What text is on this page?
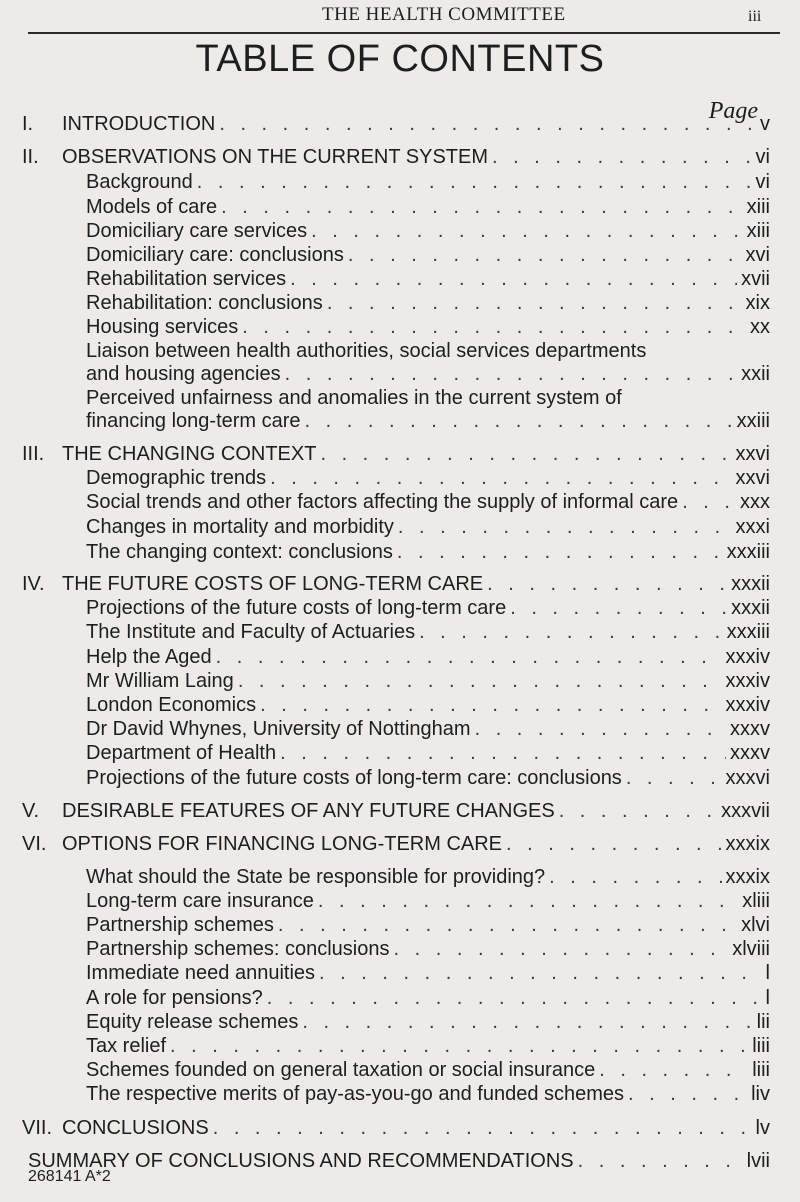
THE HEALTH COMMITTEE	iii
TABLE OF CONTENTS
Page
I. INTRODUCTION . . .	v
II. OBSERVATIONS ON THE CURRENT SYSTEM . . .	vi
Background . . .	vi
Models of care . . .	xiii
Domiciliary care services . . .	xiii
Domiciliary care: conclusions . . .	xvi
Rehabilitation services . . .	xvii
Rehabilitation: conclusions . . .	xix
Housing services . . .	xx
Liaison between health authorities, social services departments
and housing agencies . . .	xxii
Perceived unfairness and anomalies in the current system of
financing long-term care . . .	xxiii
III. THE CHANGING CONTEXT . . .	xxvi
Demographic trends . . .	xxvi
Social trends and other factors affecting the supply of informal care . . .	xxx
Changes in mortality and morbidity . . .	xxxi
The changing context: conclusions . . .	xxxiii
IV. THE FUTURE COSTS OF LONG-TERM CARE . . .	xxxii
Projections of the future costs of long-term care . . .	xxxii
The Institute and Faculty of Actuaries . . .	xxxiii
Help the Aged . . .	xxxiv
Mr William Laing . . .	xxxiv
London Economics . . .	xxxiv
Dr David Whynes, University of Nottingham . . .	xxxv
Department of Health . . .	xxxv
Projections of the future costs of long-term care: conclusions . . .	xxxvi
V. DESIRABLE FEATURES OF ANY FUTURE CHANGES . . .	xxxvii
VI. OPTIONS FOR FINANCING LONG-TERM CARE . . .	xxxix
What should the State be responsible for providing? . . .	xxxix
Long-term care insurance . . .	xliii
Partnership schemes . . .	xlvi
Partnership schemes: conclusions . . .	xlviii
Immediate need annuities . . .	l
A role for pensions? . . .	l
Equity release schemes . . .	lii
Tax relief . . .	liii
Schemes founded on general taxation or social insurance . . .	liii
The respective merits of pay-as-you-go and funded schemes . . .	liv
VII. CONCLUSIONS . . .	lv
SUMMARY OF CONCLUSIONS AND RECOMMENDATIONS . . .	lvii
268141 A*2
